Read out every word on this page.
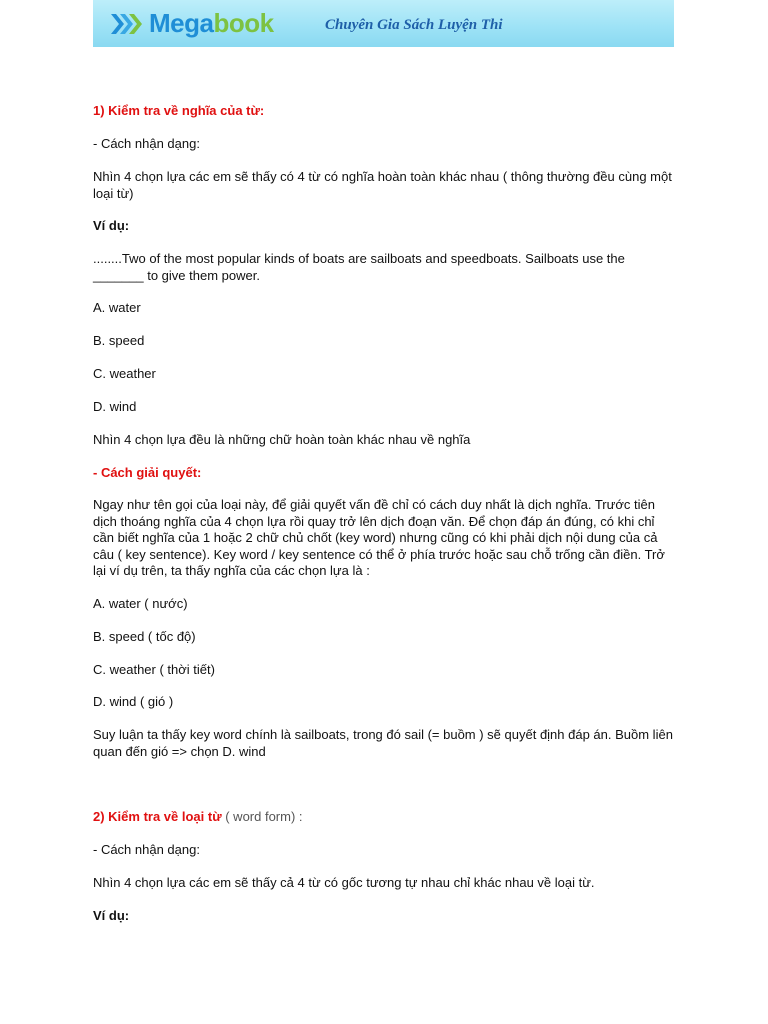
Megabook	Chuyên Gia Sách Luyện Thi

1) Kiểm tra về nghĩa của từ:

- Cách nhận dạng:

Nhìn 4 chọn lựa các em sẽ thấy có 4 từ có nghĩa hoàn toàn khác nhau ( thông thường đều cùng một loại từ)

Ví dụ:

........Two of the most popular kinds of boats are sailboats and speedboats. Sailboats use the _______ to give them power.

A. water

B. speed

C. weather

D. wind

Nhìn 4 chọn lựa đều là những chữ hoàn toàn khác nhau về nghĩa

- Cách giải quyết:

Ngay như tên gọi của loại này, để giải quyết vấn đề chỉ có cách duy nhất là dịch nghĩa. Trước tiên dịch thoáng nghĩa của 4 chọn lựa rồi quay trở lên dịch đoạn văn. Để chọn đáp án đúng, có khi chỉ cần biết nghĩa của 1 hoặc 2 chữ chủ chốt (key word) nhưng cũng có khi phải dịch nội dung của cả câu ( key sentence). Key word / key sentence có thể ở phía trước hoặc sau chỗ trống cần điền. Trở lại ví dụ trên, ta thấy nghĩa của các chọn lựa là :

A. water ( nước)

B. speed ( tốc độ)

C. weather ( thời tiết)

D. wind ( gió )

Suy luận ta thấy key word chính là sailboats, trong đó sail (= buồm ) sẽ quyết định đáp án. Buồm liên quan đến gió => chọn D. wind

2) Kiểm tra về loại từ ( word form) :

- Cách nhận dạng:

Nhìn 4 chọn lựa các em sẽ thấy cả 4 từ có gốc tương tự nhau chỉ khác nhau về loại từ.

Ví dụ:
